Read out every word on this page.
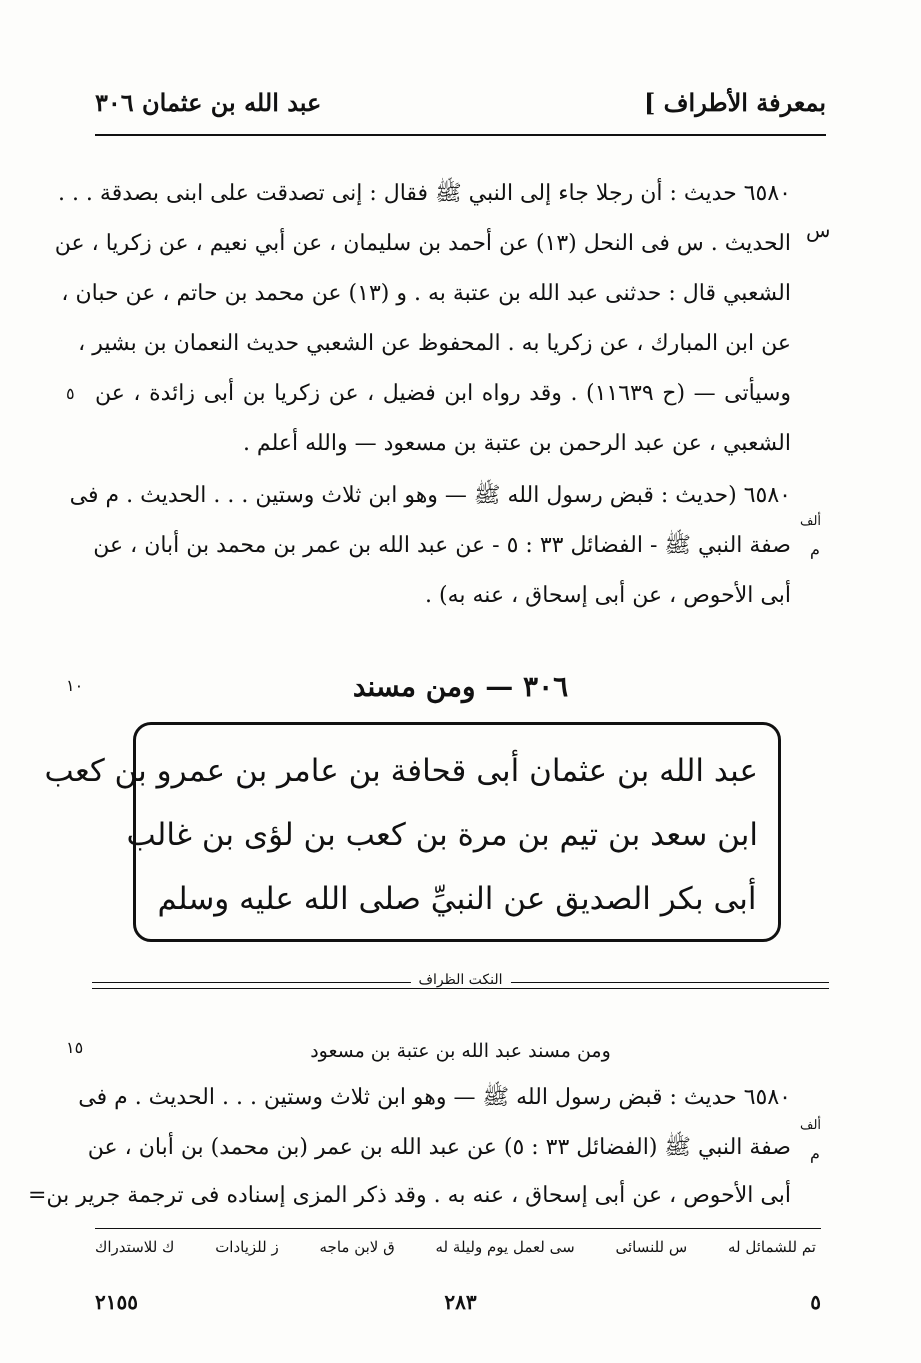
بمعرفة الأطراف ]
عبد الله بن عثمان ٣٠٦
٦٥٨٠ حديث : أن رجلا جاء إلى النبي ﷺ فقال : إنى تصدقت على ابنى بصدقة . . .
الحديث . س فى النحل (١٣) عن أحمد بن سليمان ، عن أبي نعيم ، عن زكريا ، عن
الشعبي قال : حدثنى عبد الله بن عتبة به . و (١٣) عن محمد بن حاتم ، عن حبان ،
عن ابن المبارك ، عن زكريا به . المحفوظ عن الشعبي حديث النعمان بن بشير ،
وسيأتى — (ح ١١٦٣٩) . وقد رواه ابن فضيل ، عن زكريا بن أبى زائدة ، عن
الشعبي ، عن عبد الرحمن بن عتبة بن مسعود — والله أعلم .
س
٥
٦٥٨٠ (حديث : قبض رسول الله ﷺ — وهو ابن ثلاث وستين . . . الحديث . م فى
صفة النبي ﷺ - الفضائل ٣٣ : ٥ - عن عبد الله بن عمر بن محمد بن أبان ، عن
أبى الأحوص ، عن أبى إسحاق ، عنه به) .
ألف
م
٣٠٦ — ومن مسند
١٠
عبد الله بن عثمان أبى قحافة بن عامر بن عمرو بن كعب
ابن سعد بن تيم بن مرة بن كعب بن لؤى بن غالب
أبى بكر الصديق عن النبيِّ صلى الله عليه وسلم
النكت الظراف
ومن مسند عبد الله بن عتبة بن مسعود
١٥
٦٥٨٠ حديث : قبض رسول الله ﷺ — وهو ابن ثلاث وستين . . . الحديث . م فى
صفة النبي ﷺ (الفضائل ٣٣ : ٥) عن عبد الله بن عمر (بن محمد) بن أبان ، عن
أبى الأحوص ، عن أبى إسحاق ، عنه به . وقد ذكر المزى إسناده فى ترجمة جرير بن=
ألف
م
تم للشمائل له
س للنسائى
سى لعمل يوم وليلة له
ق لابن ماجه
ز للزيادات
ك للاستدراك
٢١٥٥	٢٨٣	٥
